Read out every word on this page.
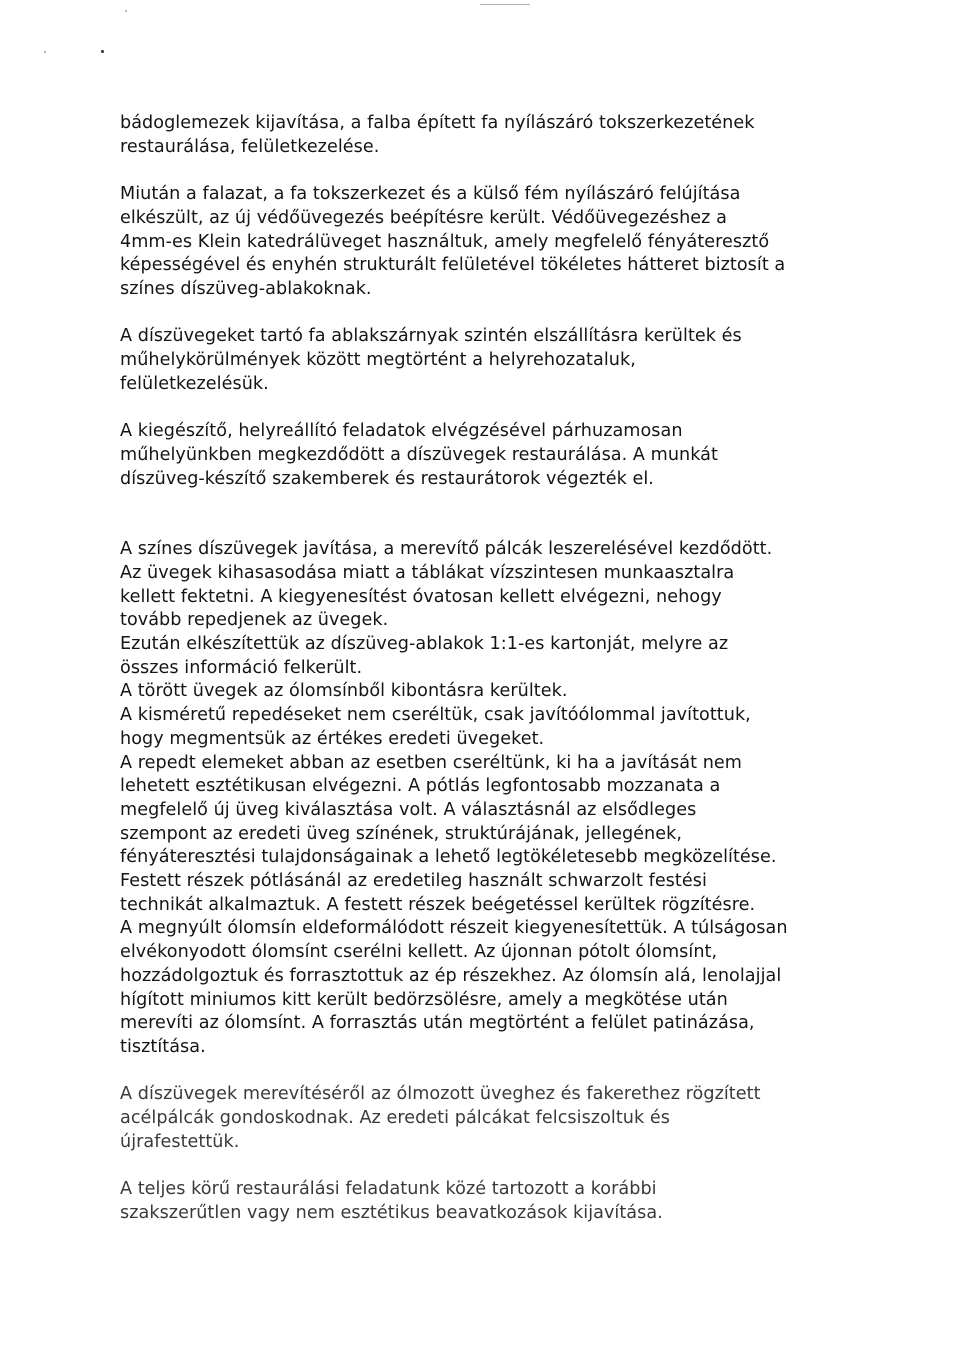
bádoglemezek kijavítása, a falba épített fa nyílászáró tokszerkezetének
restaurálása, felületkezelése.

Miután a falazat, a fa tokszerkezet és a külső fém nyílászáró felújítása
elkészült, az új védőüvegezés beépítésre került. Védőüvegezéshez a
4mm-es Klein katedrálüveget használtuk, amely megfelelő fényáteresztő
képességével és enyhén strukturált felületével tökéletes hátteret biztosít a
színes díszüveg-ablakoknak.

A díszüvegeket tartó fa ablakszárnyak szintén elszállításra kerültek és
műhelykörülmények között megtörtént a helyrehozataluk,
felületkezelésük.

A kiegészítő, helyreállító feladatok elvégzésével párhuzamosan
műhelyünkben megkezdődött a díszüvegek restaurálása. A munkát
díszüveg-készítő szakemberek és restaurátorok végezték el.

A színes díszüvegek javítása, a merevítő pálcák leszerelésével kezdődött.
Az üvegek kihasasodása miatt a táblákat vízszintesen munkaasztalra
kellett fektetni. A kiegyenesítést óvatosan kellett elvégezni, nehogy
tovább repedjenek az üvegek.
Ezután elkészítettük az díszüveg-ablakok 1:1-es kartonját, melyre az
összes információ felkerült.
A törött üvegek az ólomsínből kibontásra kerültek.
A kisméretű repedéseket nem cseréltük, csak javítóólommal javítottuk,
hogy megmentsük az értékes eredeti üvegeket.
A repedt elemeket abban az esetben cseréltünk, ki ha a javítását nem
lehetett esztétikusan elvégezni. A pótlás legfontosabb mozzanata a
megfelelő új üveg kiválasztása volt. A választásnál az elsődleges
szempont az eredeti üveg színének, struktúrájának, jellegének,
fényáteresztési tulajdonságainak a lehető legtökéletesebb megközelítése.
Festett részek pótlásánál az eredetileg használt schwarzolt festési
technikát alkalmaztuk. A festett részek beégetéssel kerültek rögzítésre.
A megnyúlt ólomsín eldeformálódott részeit kiegyenesítettük. A túlságosan
elvékonyodott ólomsínt cserélni kellett. Az újonnan pótolt ólomsínt,
hozzádolgoztuk és forrasztottuk az ép részekhez. Az ólomsín alá, lenolajjal
hígított miniumos kitt került bedörzsölésre, amely a megkötése után
merevíti az ólomsínt. A forrasztás után megtörtént a felület patinázása,
tisztítása.

A díszüvegek merevítéséről az ólmozott üveghez és fakerethez rögzített
acélpálcák gondoskodnak. Az eredeti pálcákat felcsiszoltuk és
újrafestettük.

A teljes körű restaurálási feladatunk közé tartozott a korábbi
szakszerűtlen vagy nem esztétikus beavatkozások kijavítása.
